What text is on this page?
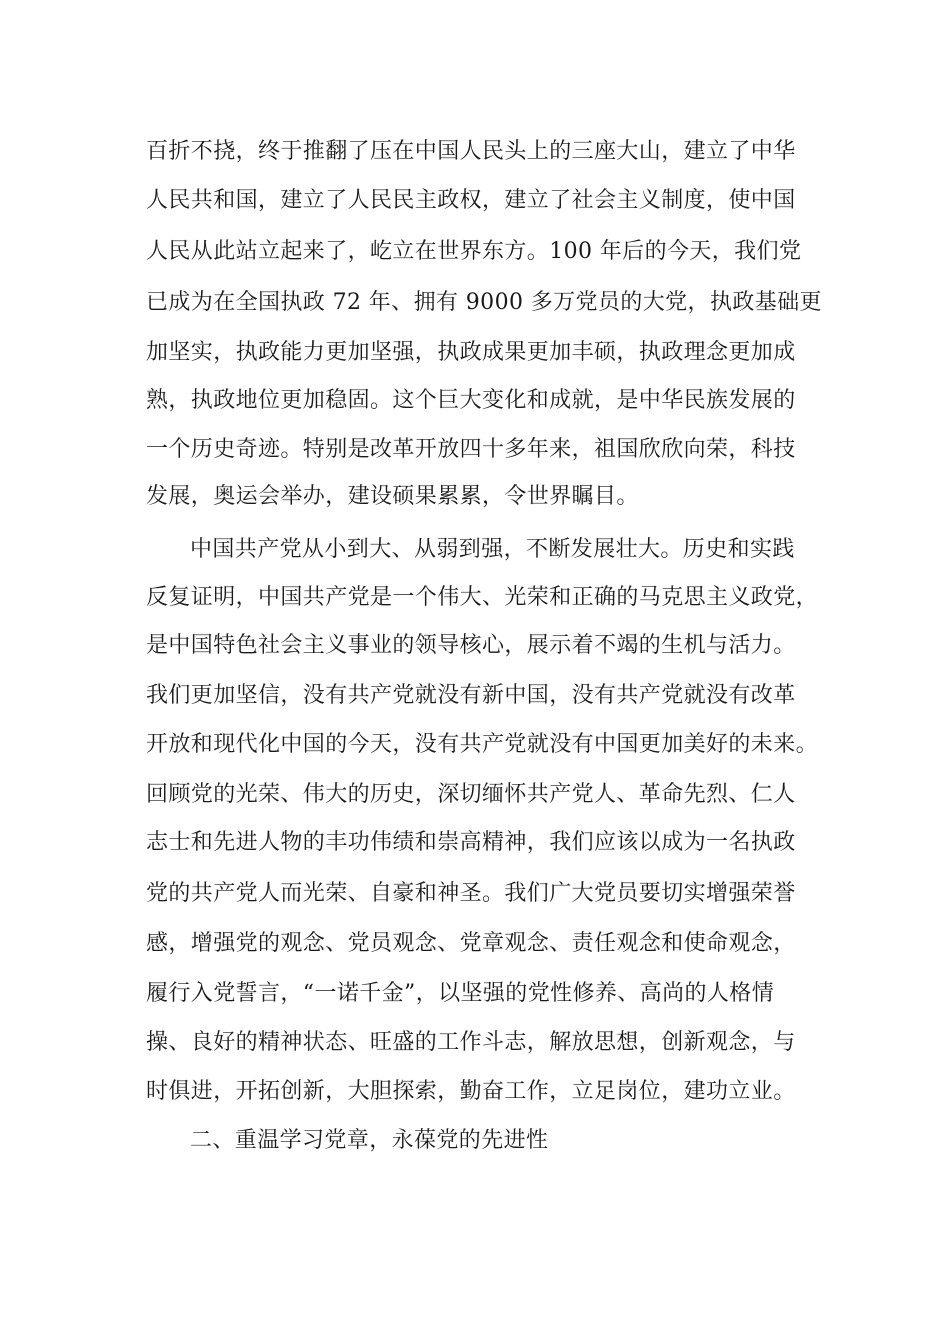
百折不挠，终于推翻了压在中国人民头上的三座大山，建立了中华
人民共和国，建立了人民民主政权，建立了社会主义制度，使中国
人民从此站立起来了，屹立在世界东方。100 年后的今天，我们党
已成为在全国执政 72 年、拥有 9000 多万党员的大党，执政基础更
加坚实，执政能力更加坚强，执政成果更加丰硕，执政理念更加成
熟，执政地位更加稳固。这个巨大变化和成就，是中华民族发展的
一个历史奇迹。特别是改革开放四十多年来，祖国欣欣向荣，科技
发展，奥运会举办，建设硕果累累，令世界瞩目。
中国共产党从小到大、从弱到强，不断发展壮大。历史和实践
反复证明，中国共产党是一个伟大、光荣和正确的马克思主义政党，
是中国特色社会主义事业的领导核心，展示着不竭的生机与活力。
我们更加坚信，没有共产党就没有新中国，没有共产党就没有改革
开放和现代化中国的今天，没有共产党就没有中国更加美好的未来。
回顾党的光荣、伟大的历史，深切缅怀共产党人、革命先烈、仁人
志士和先进人物的丰功伟绩和崇高精神，我们应该以成为一名执政
党的共产党人而光荣、自豪和神圣。我们广大党员要切实增强荣誉
感，增强党的观念、党员观念、党章观念、责任观念和使命观念，
履行入党誓言，“一诺千金”，以坚强的党性修养、高尚的人格情
操、良好的精神状态、旺盛的工作斗志，解放思想，创新观念，与
时俱进，开拓创新，大胆探索，勤奋工作，立足岗位，建功立业。
二、重温学习党章，永葆党的先进性
